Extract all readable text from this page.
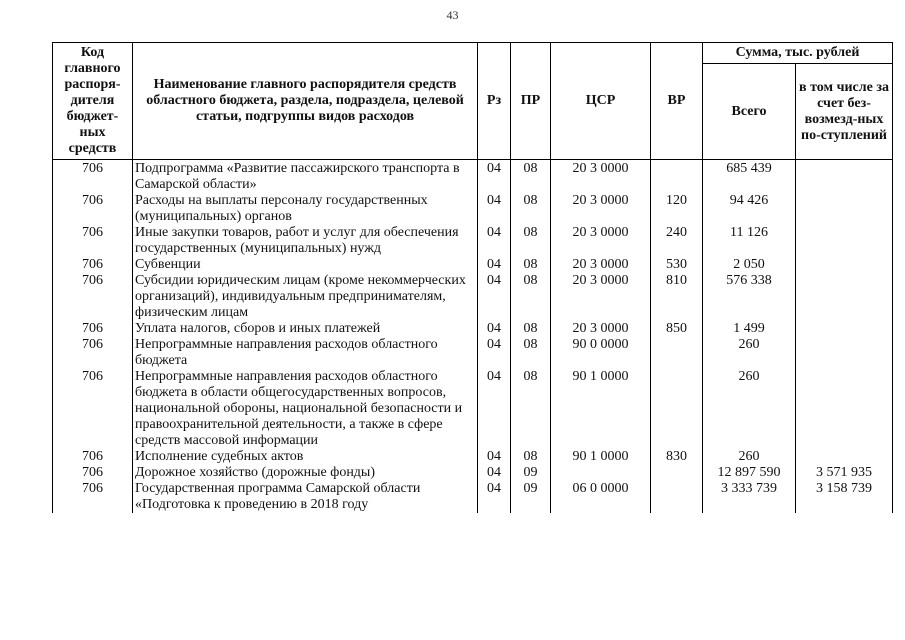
43
Код главного распоря-дителя бюджет-ных средств	Наименование главного распорядителя средств областного бюджета, раздела, подраздела, целевой статьи, подгруппы видов расходов	Рз	ПР	ЦСР	ВР	Сумма, тыс. рублей	
						Всего	в том числе за счет без-возмезд-ных по-ступлений
706	Подпрограмма «Развитие пассажирского транспорта в Самарской области»	04	08	20 3 0000		685 439	
706	Расходы на выплаты персоналу государственных (муниципальных) органов	04	08	20 3 0000	120	94 426	
706	Иные закупки товаров, работ и услуг для обеспечения государственных (муниципальных) нужд	04	08	20 3 0000	240	11 126	
706	Субвенции	04	08	20 3 0000	530	2 050	
706	Субсидии юридическим лицам (кроме некоммерческих организаций), индивидуальным предпринимателям, физическим лицам	04	08	20 3 0000	810	576 338	
706	Уплата налогов, сборов и иных платежей	04	08	20 3 0000	850	1 499	
706	Непрограммные направления расходов областного бюджета	04	08	90 0 0000		260	
706	Непрограммные направления расходов областного бюджета в области общегосударственных вопросов, национальной обороны, национальной безопасности и правоохранительной деятельности, а также в сфере средств массовой информации	04	08	90 1 0000		260	
706	Исполнение судебных актов	04	08	90 1 0000	830	260	
706	Дорожное хозяйство (дорожные фонды)	04	09			12 897 590	3 571 935
706	Государственная программа Самарской области «Подготовка к проведению в 2018 году	04	09	06 0 0000		3 333 739	3 158 739
